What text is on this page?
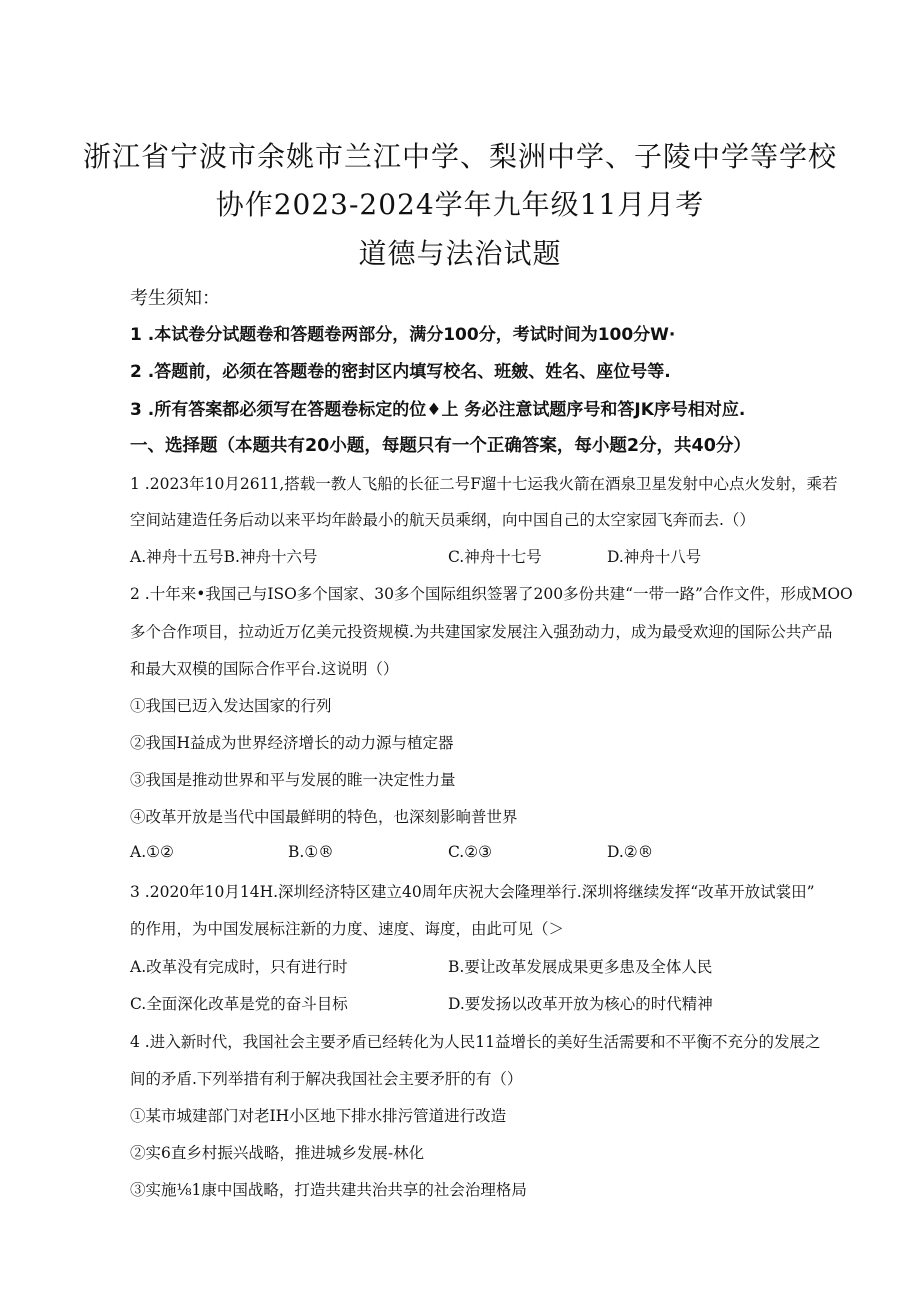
浙江省宁波市余姚市兰江中学、梨洲中学、子陵中学等学校
协作2023-2024学年九年级11月月考
道德与法治试题
考生须知：
1 .本试卷分试题卷和答题卷两部分，满分100分，考试时间为100分W·
2 .答题前，必须在答题卷的密封区内填写校名、班皴、姓名、座位号等.
3 .所有答案都必须写在答题卷标定的位♦上 务必注意试题序号和答JK序号相对应.
一、选择题（本题共有20小题，每题只有一个正确答案，每小题2分，共40分）
1 .2023年10月2611,搭载一教人飞船的长征二号F遛十七运我火箭在酒泉卫星发射中心点火发射，乘若
空间站建造任务后动以来平均年龄最小的航天员乘纲，向中国自己的太空家园飞奔而去.（）
A.神舟十五号B.神舟十六号	C.神舟十七号	D.神舟十八号
2 .十年来•我国己与ISO多个国家、30多个国际组织签署了200多份共建“一带一路”合作文件，形成MOO
多个合作项目，拉动近万亿美元投资规模.为共建国家发展注入强劲动力，成为最受欢迎的国际公共产品
和最大双模的国际合作平台.这说明（）
①我国已迈入发达国家的行列
②我国H益成为世界经济增长的动力源与植定器
③我国是推动世界和平与发展的睢一决定性力量
④改革开放是当代中国最鲜明的特色，也深刻影晌普世界
A.①②	B.①®	C.②③	D.②®
3 .2020年10月14H.深圳经济特区建立40周年庆祝大会隆理举行.深圳将继续发挥“改革开放试裳田”
的作用，为中国发展标注新的力度、速度、诲度，由此可见（＞
A.改革没有完成时，只有进行时	B.要让改革发展成果更多患及全体人民
C.全面深化改革是党的奋斗目标	D.要发扬以改革开放为核心的时代精神
4 .进入新时代，我国社会主要矛盾已经转化为人民11益增长的美好生活需要和不平衡不充分的发展之
间的矛盾.下列举措有利于解决我国社会主要矛肝的有（）
①某市城建部门对老IH小区地下排水排污管道进行改造
②实6直乡村振兴战略，推进城乡发展-林化
③实施⅛1康中国战略，打造共建共治共享的社会治理格局
